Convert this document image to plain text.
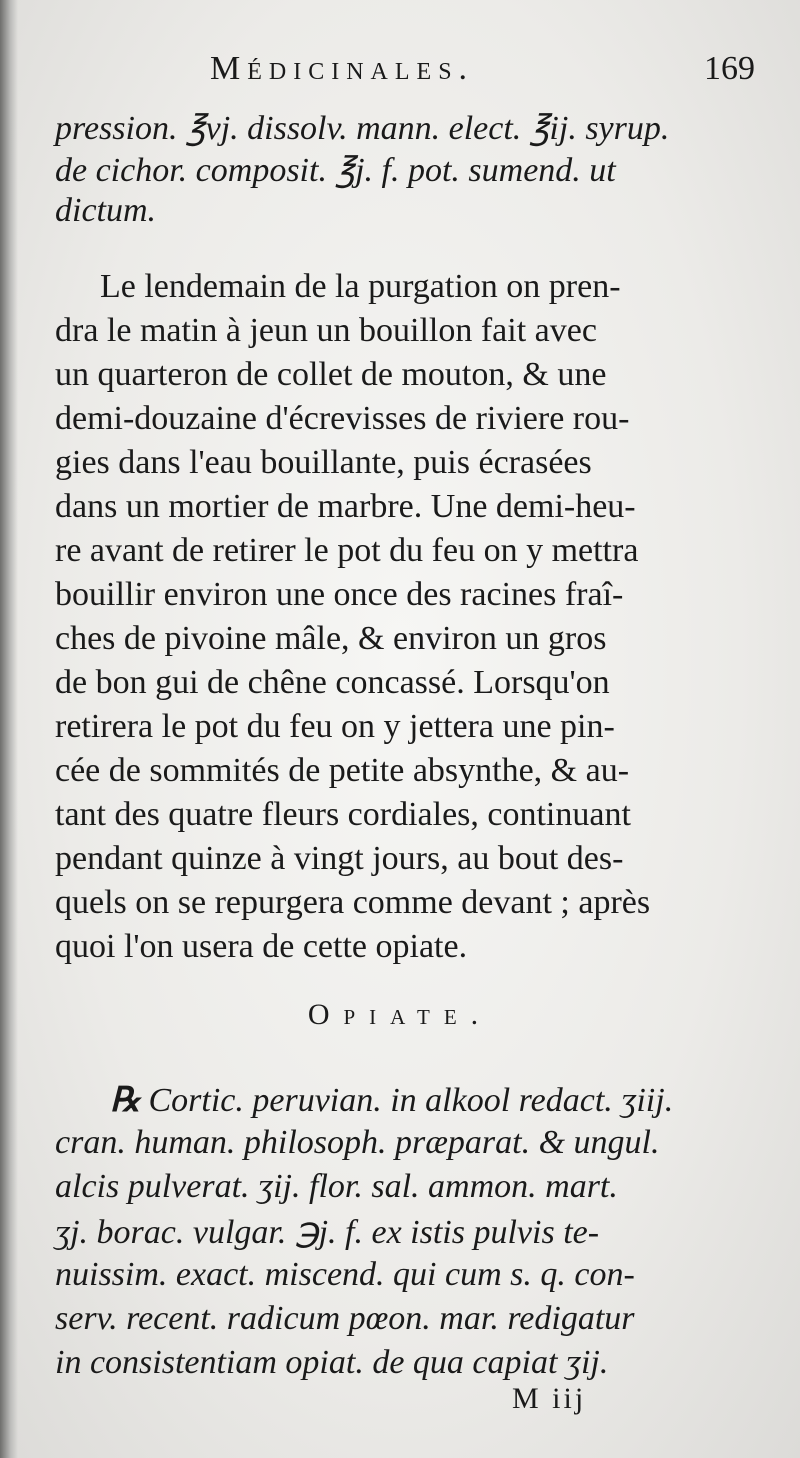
Médicinales.	169
pression. ℥vj. dissolv. mann. elect. ℥ij. syrup.
de cichor. composit. ℥j. f. pot. sumend. ut
dictum.
Le lendemain de la purgation on pren-
dra le matin à jeun un bouillon fait avec
un quarteron de collet de mouton, & une
demi-douzaine d'écrevisses de riviere rou-
gies dans l'eau bouillante, puis écrasées
dans un mortier de marbre. Une demi-heu-
re avant de retirer le pot du feu on y mettra
bouillir environ une once des racines fraî-
ches de pivoine mâle, & environ un gros
de bon gui de chêne concassé. Lorsqu'on
retirera le pot du feu on y jettera une pin-
cée de sommités de petite absynthe, & au-
tant des quatre fleurs cordiales, continuant
pendant quinze à vingt jours, au bout des-
quels on se repurgera comme devant ; après
quoi l'on usera de cette opiate.
Opiate.
℞ Cortic. peruvian. in alkool redact. ʒiij.
cran. human. philosoph. præparat. & ungul.
alcis pulverat. ʒij. flor. sal. ammon. mart.
ʒj. borac. vulgar. ℈j. f. ex istis pulvis te-
nuissim. exact. miscend. qui cum s. q. con-
serv. recent. radicum pœon. mar. redigatur
in consistentiam opiat. de qua capiat ʒij.
M iij
